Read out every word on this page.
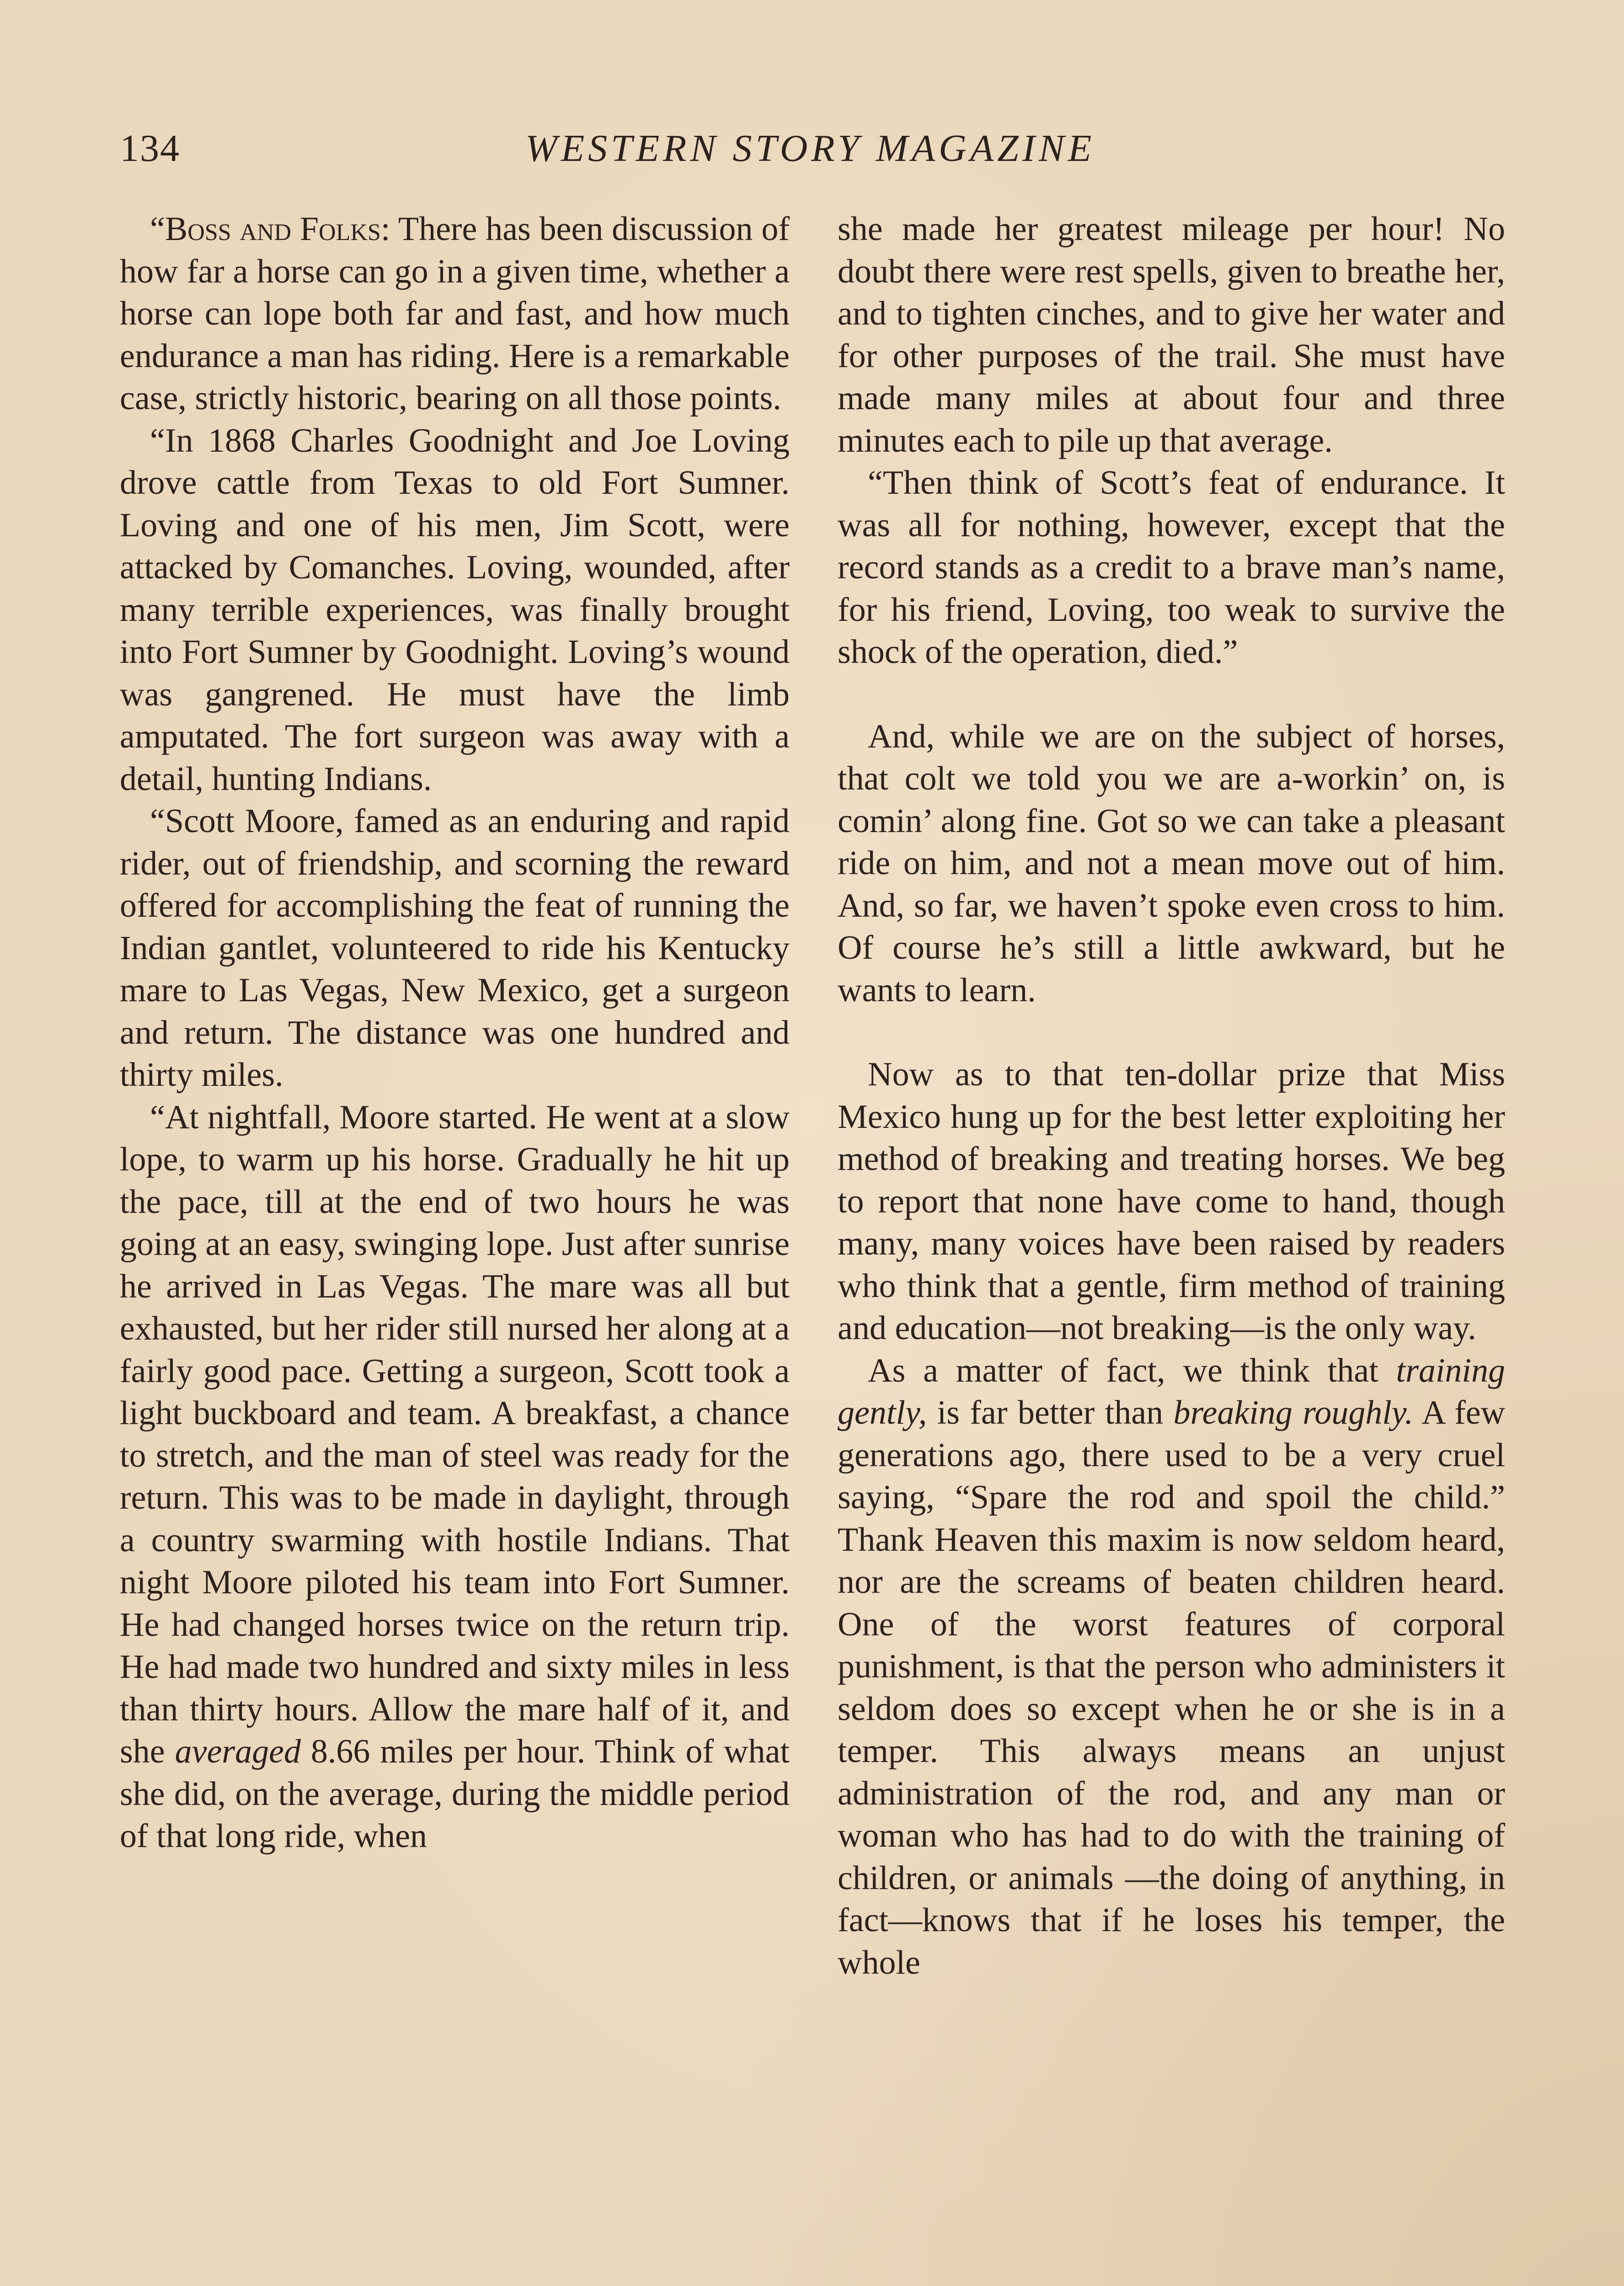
134	WESTERN STORY MAGAZINE

“Boss and Folks: There has been discussion of how far a horse can go in a given time, whether a horse can lope both far and fast, and how much endurance a man has riding. Here is a remarkable case, strictly historic, bearing on all those points.

“In 1868 Charles Goodnight and Joe Loving drove cattle from Texas to old Fort Sumner. Loving and one of his men, Jim Scott, were attacked by Comanches. Loving, wounded, after many terrible experiences, was finally brought into Fort Sumner by Goodnight. Loving’s wound was gangrened. He must have the limb amputated. The fort surgeon was away with a detail, hunting Indians.

“Scott Moore, famed as an enduring and rapid rider, out of friendship, and scorning the reward offered for accomplishing the feat of running the Indian gantlet, volunteered to ride his Kentucky mare to Las Vegas, New Mexico, get a surgeon and return. The distance was one hundred and thirty miles.

“At nightfall, Moore started. He went at a slow lope, to warm up his horse. Gradually he hit up the pace, till at the end of two hours he was going at an easy, swinging lope. Just after sunrise he arrived in Las Vegas. The mare was all but exhausted, but her rider still nursed her along at a fairly good pace. Getting a surgeon, Scott took a light buckboard and team. A breakfast, a chance to stretch, and the man of steel was ready for the return. This was to be made in daylight, through a country swarming with hostile Indians. That night Moore piloted his team into Fort Sumner. He had changed horses twice on the return trip. He had made two hundred and sixty miles in less than thirty hours. Allow the mare half of it, and she averaged 8.66 miles per hour. Think of what she did, on the average, during the middle period of that long ride, when

she made her greatest mileage per hour! No doubt there were rest spells, given to breathe her, and to tighten cinches, and to give her water and for other purposes of the trail. She must have made many miles at about four and three minutes each to pile up that average.

“Then think of Scott’s feat of endurance. It was all for nothing, however, except that the record stands as a credit to a brave man’s name, for his friend, Loving, too weak to survive the shock of the operation, died.”

And, while we are on the subject of horses, that colt we told you we are a-workin’ on, is comin’ along fine. Got so we can take a pleasant ride on him, and not a mean move out of him. And, so far, we haven’t spoke even cross to him. Of course he’s still a little awkward, but he wants to learn.

Now as to that ten-dollar prize that Miss Mexico hung up for the best letter exploiting her method of breaking and treating horses. We beg to report that none have come to hand, though many, many voices have been raised by readers who think that a gentle, firm method of training and education—not breaking—is the only way.

As a matter of fact, we think that training gently, is far better than breaking roughly. A few generations ago, there used to be a very cruel saying, “Spare the rod and spoil the child.” Thank Heaven this maxim is now seldom heard, nor are the screams of beaten children heard. One of the worst features of corporal punishment, is that the person who administers it seldom does so except when he or she is in a temper. This always means an unjust administration of the rod, and any man or woman who has had to do with the training of children, or animals —the doing of anything, in fact—knows that if he loses his temper, the whole
